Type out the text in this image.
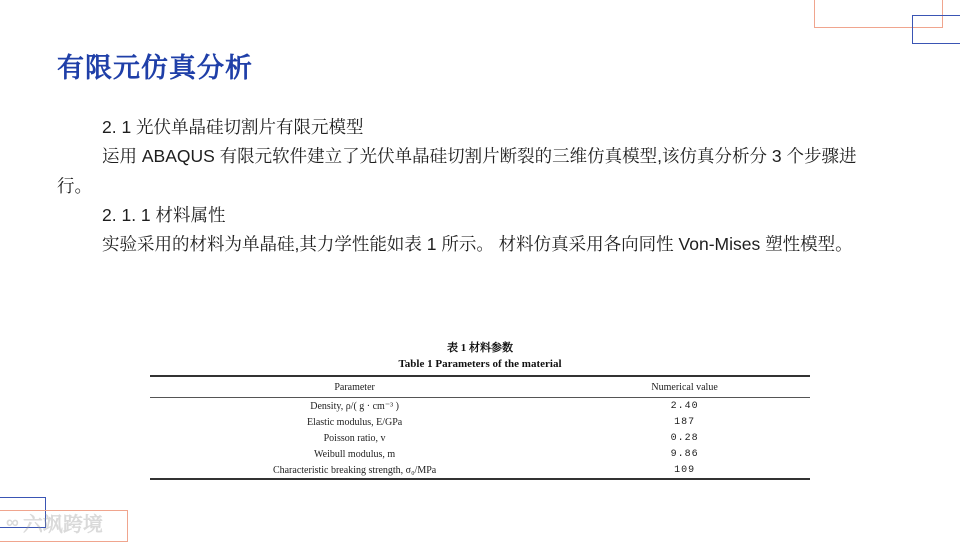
有限元仿真分析

2. 1 光伏单晶硅切割片有限元模型

运用 ABAQUS 有限元软件建立了光伏单晶硅切割片断裂的三维仿真模型,该仿真分析分 3 个步骤进行。

2. 1. 1 材料属性

实验采用的材料为单晶硅,其力学性能如表 1 所示。 材料仿真采用各向同性 Von-Mises 塑性模型。

表 1 材料参数
Table 1 Parameters of the material
Parameter	Numerical value
Density, ρ/( g · cm⁻³ )	2.40
Elastic modulus, E/GPa	187
Poisson ratio, v	0.28
Weibull modulus, m	9.86
Characteristic breaking strength, σ₀/MPa	109
∞ 六飒跨境
